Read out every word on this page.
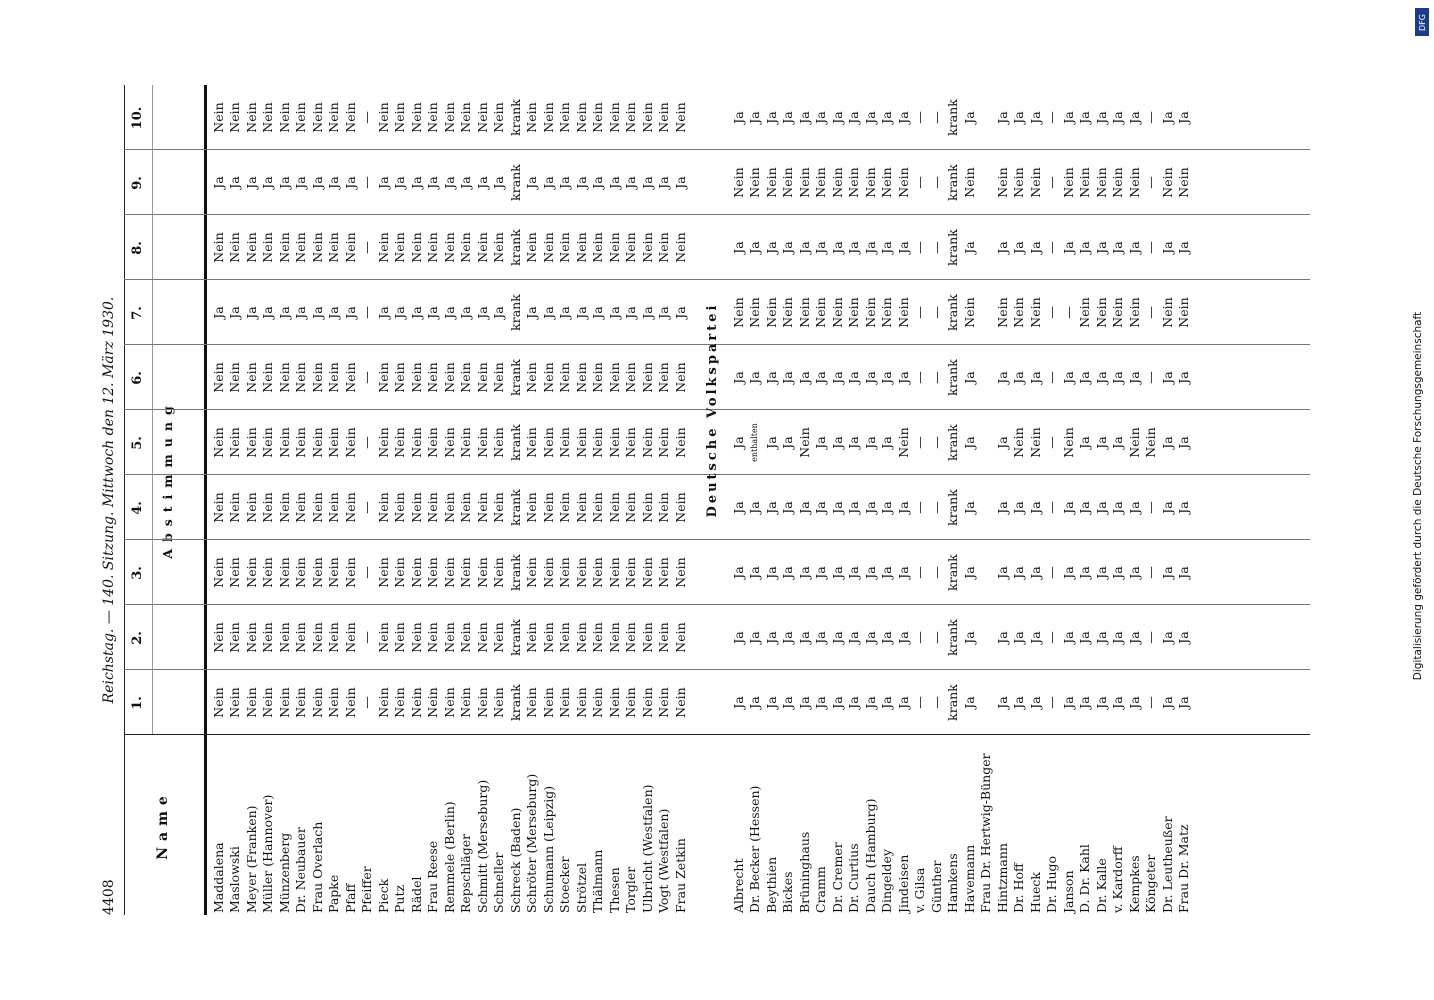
4408
Reichstag. — 140. Sitzung. Mittwoch den 12. März 1930.
Name
Abstimmung
1.
2.
3.
4.
5.
6.
7.
8.
9.
10.
Maddalena
Nein
Nein
Nein
Nein
Nein
Nein
Ja
Nein
Ja
Nein
Maslowski
Nein
Nein
Nein
Nein
Nein
Nein
Ja
Nein
Ja
Nein
Meyer (Franken)
Nein
Nein
Nein
Nein
Nein
Nein
Ja
Nein
Ja
Nein
Müller (Hannover)
Nein
Nein
Nein
Nein
Nein
Nein
Ja
Nein
Ja
Nein
Münzenberg
Nein
Nein
Nein
Nein
Nein
Nein
Ja
Nein
Ja
Nein
Dr. Neubauer
Nein
Nein
Nein
Nein
Nein
Nein
Ja
Nein
Ja
Nein
Frau Overlach
Nein
Nein
Nein
Nein
Nein
Nein
Ja
Nein
Ja
Nein
Papke
Nein
Nein
Nein
Nein
Nein
Nein
Ja
Nein
Ja
Nein
Pfaff
Nein
Nein
Nein
Nein
Nein
Nein
Ja
Nein
Ja
Nein
Pfeiffer
—
—
—
—
—
—
—
—
—
—
Pieck
Nein
Nein
Nein
Nein
Nein
Nein
Ja
Nein
Ja
Nein
Putz
Nein
Nein
Nein
Nein
Nein
Nein
Ja
Nein
Ja
Nein
Rädel
Nein
Nein
Nein
Nein
Nein
Nein
Ja
Nein
Ja
Nein
Frau Reese
Nein
Nein
Nein
Nein
Nein
Nein
Ja
Nein
Ja
Nein
Remmele (Berlin)
Nein
Nein
Nein
Nein
Nein
Nein
Ja
Nein
Ja
Nein
Repschläger
Nein
Nein
Nein
Nein
Nein
Nein
Ja
Nein
Ja
Nein
Schmitt (Merseburg)
Nein
Nein
Nein
Nein
Nein
Nein
Ja
Nein
Ja
Nein
Schneller
Nein
Nein
Nein
Nein
Nein
Nein
Ja
Nein
Ja
Nein
Schreck (Baden)
krank
krank
krank
krank
krank
krank
krank
krank
krank
krank
Schröter (Merseburg)
Nein
Nein
Nein
Nein
Nein
Nein
Ja
Nein
Ja
Nein
Schumann (Leipzig)
Nein
Nein
Nein
Nein
Nein
Nein
Ja
Nein
Ja
Nein
Stoecker
Nein
Nein
Nein
Nein
Nein
Nein
Ja
Nein
Ja
Nein
Strötzel
Nein
Nein
Nein
Nein
Nein
Nein
Ja
Nein
Ja
Nein
Thälmann
Nein
Nein
Nein
Nein
Nein
Nein
Ja
Nein
Ja
Nein
Thesen
Nein
Nein
Nein
Nein
Nein
Nein
Ja
Nein
Ja
Nein
Torgler
Nein
Nein
Nein
Nein
Nein
Nein
Ja
Nein
Ja
Nein
Ulbricht (Westfalen)
Nein
Nein
Nein
Nein
Nein
Nein
Ja
Nein
Ja
Nein
Vogt (Westfalen)
Nein
Nein
Nein
Nein
Nein
Nein
Ja
Nein
Ja
Nein
Frau Zetkin
Nein
Nein
Nein
Nein
Nein
Nein
Ja
Nein
Ja
Nein
Deutsche Volkspartei
Albrecht
Ja
Ja
Ja
Ja
Ja
Ja
Nein
Ja
Nein
Ja
Dr. Becker (Hessen)
Ja
Ja
Ja
Ja
enthalten
Ja
Nein
Ja
Nein
Ja
Beythien
Ja
Ja
Ja
Ja
Ja
Ja
Nein
Ja
Nein
Ja
Bickes
Ja
Ja
Ja
Ja
Ja
Ja
Nein
Ja
Nein
Ja
Brüninghaus
Ja
Ja
Ja
Ja
Nein
Ja
Nein
Ja
Nein
Ja
Cramm
Ja
Ja
Ja
Ja
Ja
Ja
Nein
Ja
Nein
Ja
Dr. Cremer
Ja
Ja
Ja
Ja
Ja
Ja
Nein
Ja
Nein
Ja
Dr. Curtius
Ja
Ja
Ja
Ja
Ja
Ja
Nein
Ja
Nein
Ja
Dauch (Hamburg)
Ja
Ja
Ja
Ja
Ja
Ja
Nein
Ja
Nein
Ja
Dingeldey
Ja
Ja
Ja
Ja
Ja
Ja
Nein
Ja
Nein
Ja
Jindeisen
Ja
Ja
Ja
Ja
Nein
Ja
Nein
Ja
Nein
Ja
v. Gilsa
—
—
—
—
—
—
—
—
—
—
Günther
—
—
—
—
—
—
—
—
—
—
Hamkens
krank
krank
krank
krank
krank
krank
krank
krank
krank
krank
Havemann
Ja
Ja
Ja
Ja
Ja
Ja
Nein
Ja
Nein
Ja
Frau Dr. Hertwig-Bünger Hintzmann
Ja
Ja
Ja
Ja
Ja
Ja
Nein
Ja
Nein
Ja
Dr. Hoff
Ja
Ja
Ja
Ja
Nein
Ja
Nein
Ja
Nein
Ja
Hueck
Ja
Ja
Ja
Ja
Nein
Ja
Nein
Ja
Nein
Ja
Dr. Hugo
—
—
—
—
—
—
—
—
—
—
Janson
Ja
Ja
Ja
Ja
Nein
Ja
—
Ja
Nein
Ja
D. Dr. Kahl
Ja
Ja
Ja
Ja
Ja
Ja
Nein
Ja
Nein
Ja
Dr. Kalle
Ja
Ja
Ja
Ja
Ja
Ja
Nein
Ja
Nein
Ja
v. Kardorff
Ja
Ja
Ja
Ja
Ja
Ja
Nein
Ja
Nein
Ja
Kempkes
Ja
Ja
Ja
Ja
Nein
Ja
Nein
Ja
Nein
Ja
Köngeter
—
—
—
—
Nein
—
—
—
—
—
Dr. Leutheußer
Ja
Ja
Ja
Ja
Ja
Ja
Nein
Ja
Nein
Ja
Frau Dr. Matz
Ja
Ja
Ja
Ja
Ja
Ja
Nein
Ja
Nein
Ja
Digitalisierung gefördert durch die Deutsche Forschungsgemeinschaft
DFG
